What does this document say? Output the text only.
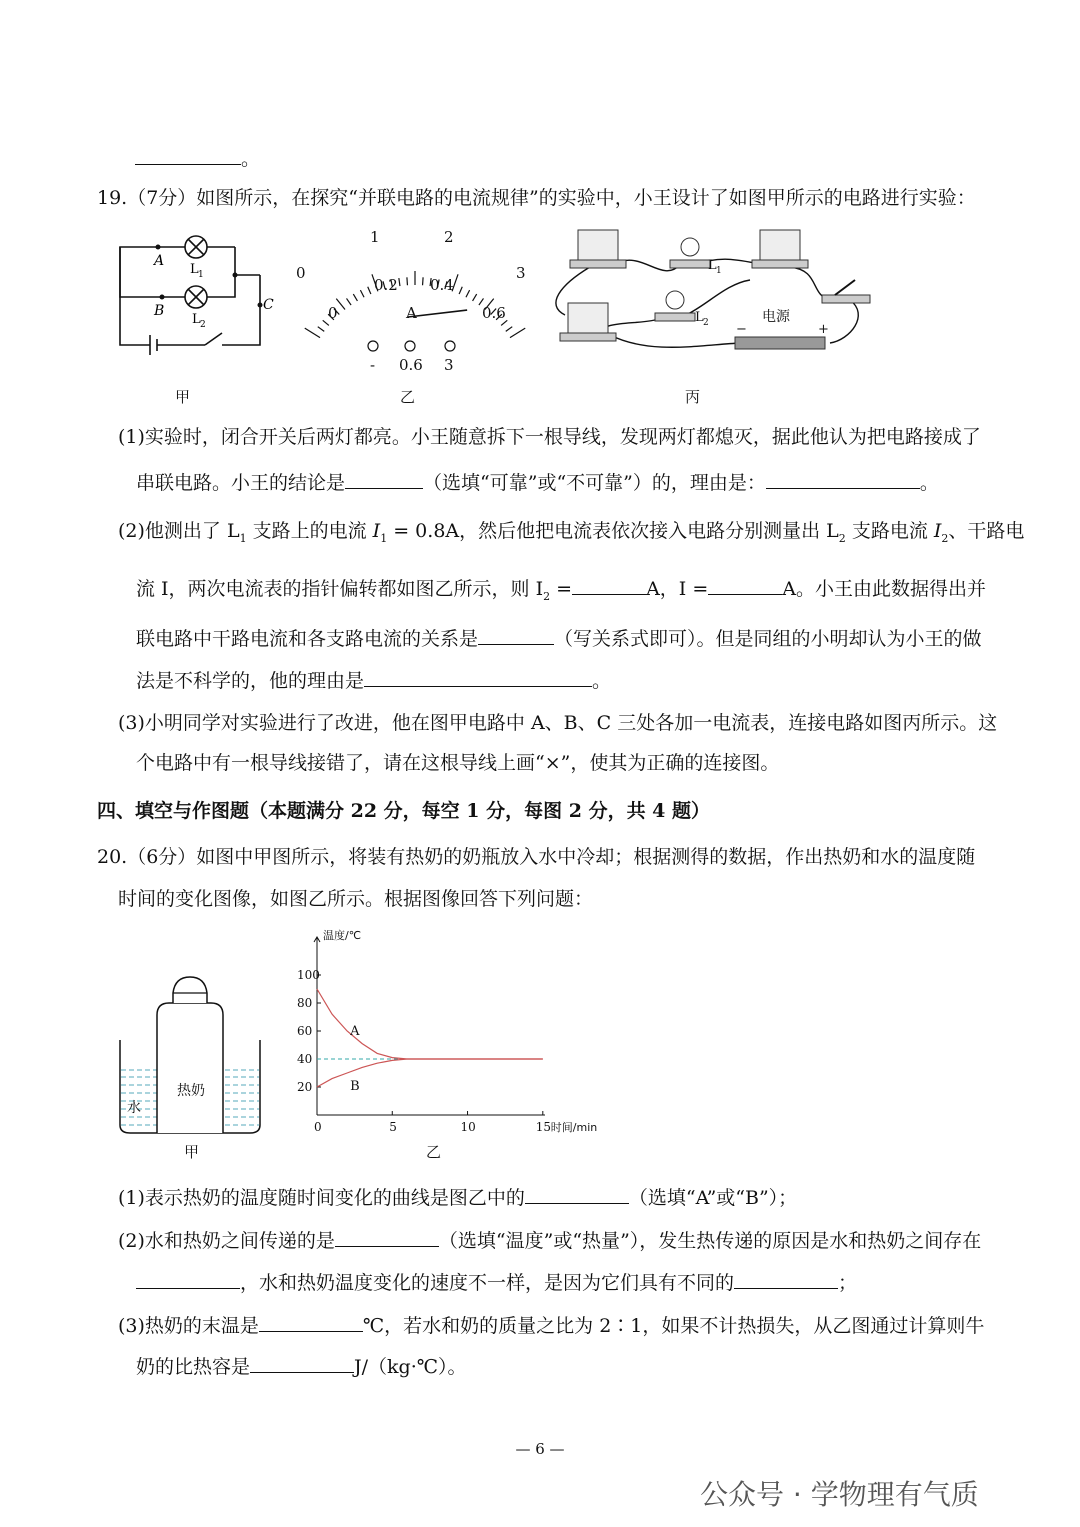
。
19.（7分）如图所示，在探究“并联电路的电流规律”的实验中，小王设计了如图甲所示的电路进行实验：
A
B	C
L 1
L 2
甲
0
1	2
3
0
0.2 0.4
0.6
A
- 0.6 3
乙
L 1
L 2	电源
−	+
丙
(1)实验时，闭合开关后两灯都亮。小王随意拆下一根导线，发现两灯都熄灭，据此他认为把电路接成了
串联电路。小王的结论是	（选填“可靠”或“不可靠”）的，理由是：	。
(2)他测出了 $L_1$ 支路上的电流 $I_1 = 0.8A$，然后他把电流表依次接入电路分别测量出 $L_2$ 支路电流 $I_2$、干路电
流 I，两次电流表的指针偏转都如图乙所示，则 $I_2$ =	A，I =	A。小王由此数据得出并
联电路中干路电流和各支路电流的关系是	（写关系式即可）。但是同组的小明却认为小王的做
法是不科学的，他的理由是	。
(3)小明同学对实验进行了改进，他在图甲电路中 A、B、C 三处各加一电流表，连接电路如图丙所示。这
个电路中有一根导线接错了，请在这根导线上画“×”，使其为正确的连接图。
四、填空与作图题（本题满分 22 分，每空 1 分，每图 2 分，共 4 题）
20.（6分）如图中甲图所示，将装有热奶的奶瓶放入水中冷却；根据测得的数据，作出热奶和水的温度随
时间的变化图像，如图乙所示。根据图像回答下列问题：
热奶
水
甲
20
40
60
80
100
0	5	10	15
温度/℃
时间/min
A
B
乙
(1)表示热奶的温度随时间变化的曲线是图乙中的	（选填“A”或“B”）；
(2)水和热奶之间传递的是	（选填“温度”或“热量”），发生热传递的原因是水和热奶之间存在
，水和热奶温度变化的速度不一样，是因为它们具有不同的	；
(3)热奶的末温是	℃，若水和奶的质量之比为 2∶1，如果不计热损失，从乙图通过计算则牛
奶的比热容是	J/（kg·℃）。
— 6 —
公众号 · 学物理有气质
